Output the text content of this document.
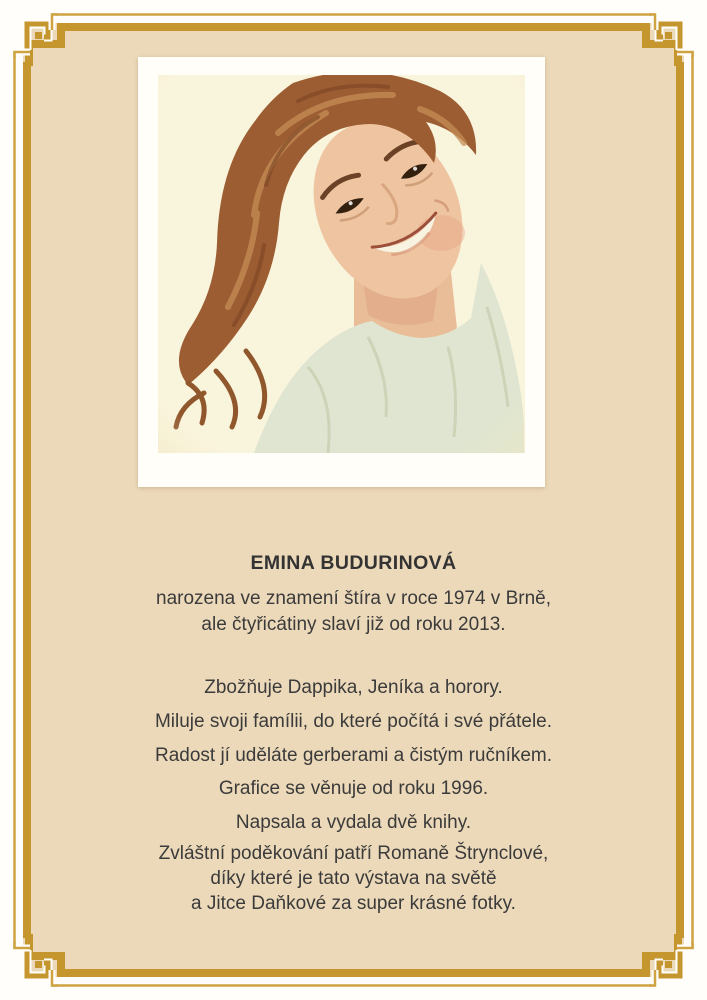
EMINA BUDURINOVÁ

narozena ve znamení štíra v roce 1974 v Brně,
ale čtyřicátiny slaví již od roku 2013.

Zbožňuje Dappika, Jeníka a horory.

Miluje svoji famílii, do které počítá i své přátele.

Radost jí uděláte gerberami a čistým ručníkem.

Grafice se věnuje od roku 1996.

Napsala a vydala dvě knihy.

Zvláštní poděkování patří Romaně Štrynclové,
díky které je tato výstava na světě
a Jitce Daňkové za super krásné fotky.
